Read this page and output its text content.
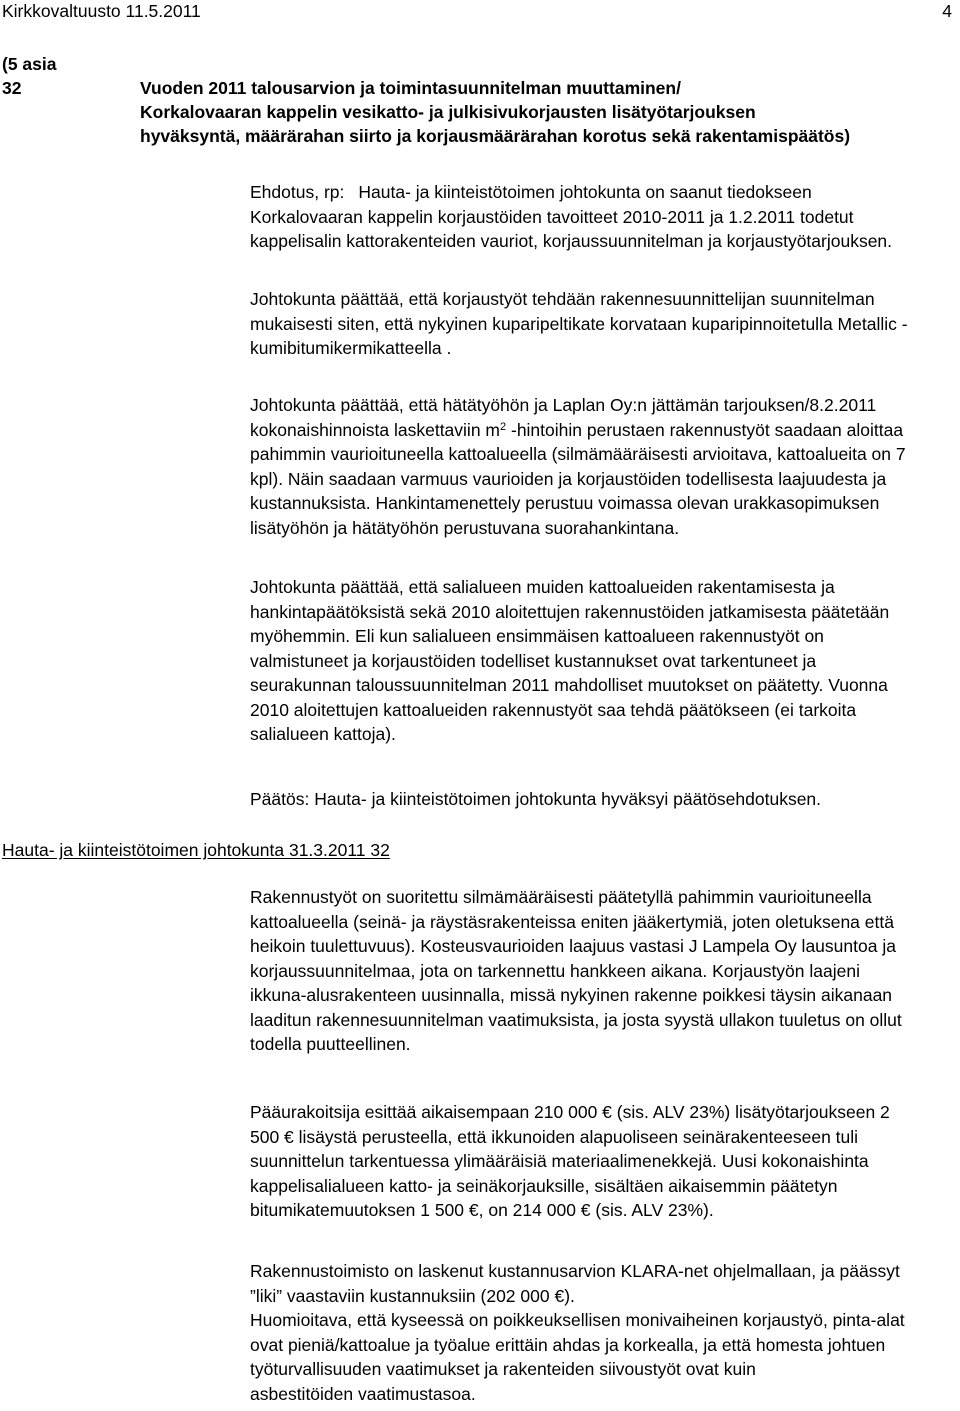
Kirkkovaltuusto 11.5.2011	4
(5 asia
32	Vuoden 2011 talousarvion ja toimintasuunnitelman muuttaminen/
Korkalovaaran kappelin vesikatto- ja julkisivukorjausten lisätyötarjouksen
hyväksyntä, määrärahan siirto ja korjausmäärärahan korotus sekä rakentamispäätös)
Ehdotus, rp: Hauta- ja kiinteistötoimen johtokunta on saanut tiedokseen
Korkalovaaran kappelin korjaustöiden tavoitteet 2010-2011 ja 1.2.2011 todetut
kappelisalin kattorakenteiden vauriot, korjaussuunnitelman ja korjaustyötarjouksen.
Johtokunta päättää, että korjaustyöt tehdään rakennesuunnittelijan suunnitelman
mukaisesti siten, että nykyinen kuparipeltikate korvataan kuparipinnoitetulla Metallic -
kumibitumikermikatteella .
Johtokunta päättää, että hätätyöhön ja Laplan Oy:n jättämän tarjouksen/8.2.2011
kokonaishinnoista laskettaviin $m^2$ -hintoihin perustaen rakennustyöt saadaan aloittaa
pahimmin vaurioituneella kattoalueella (silmämääräisesti arvioitava, kattoalueita on 7
kpl). Näin saadaan varmuus vaurioiden ja korjaustöiden todellisesta laajuudesta ja
kustannuksista. Hankintamenettely perustuu voimassa olevan urakkasopimuksen
lisätyöhön ja hätätyöhön perustuvana suorahankintana.
Johtokunta päättää, että salialueen muiden kattoalueiden rakentamisesta ja
hankintapäätöksistä sekä 2010 aloitettujen rakennustöiden jatkamisesta päätetään
myöhemmin. Eli kun salialueen ensimmäisen kattoalueen rakennustyöt on
valmistuneet ja korjaustöiden todelliset kustannukset ovat tarkentuneet ja
seurakunnan taloussuunnitelman 2011 mahdolliset muutokset on päätetty. Vuonna
2010 aloitettujen kattoalueiden rakennustyöt saa tehdä päätökseen (ei tarkoita
salialueen kattoja).
Päätös: Hauta- ja kiinteistötoimen johtokunta hyväksyi päätösehdotuksen.
Hauta- ja kiinteistötoimen johtokunta 31.3.2011 32
Rakennustyöt on suoritettu silmämääräisesti päätetyllä pahimmin vaurioituneella
kattoalueella (seinä- ja räystäsrakenteissa eniten jääkertymiä, joten oletuksena että
heikoin tuulettuvuus). Kosteusvaurioiden laajuus vastasi J Lampela Oy lausuntoa ja
korjaussuunnitelmaa, jota on tarkennettu hankkeen aikana. Korjaustyön laajeni
ikkuna-alusrakenteen uusinnalla, missä nykyinen rakenne poikkesi täysin aikanaan
laaditun rakennesuunnitelman vaatimuksista, ja josta syystä ullakon tuuletus on ollut
todella puutteellinen.
Pääurakoitsija esittää aikaisempaan 210 000 € (sis. ALV 23%) lisätyötarjoukseen 2
500 € lisäystä perusteella, että ikkunoiden alapuoliseen seinärakenteeseen tuli
suunnittelun tarkentuessa ylimääräisiä materiaalimenekkejä. Uusi kokonaishinta
kappelisalialueen katto- ja seinäkorjauksille, sisältäen aikaisemmin päätetyn
bitumikatemuutoksen 1 500 €, on 214 000 € (sis. ALV 23%).
Rakennustoimisto on laskenut kustannusarvion KLARA-net ohjelmallaan, ja päässyt
”liki” vaastaviin kustannuksiin (202 000 €).
Huomioitava, että kyseessä on poikkeuksellisen monivaiheinen korjaustyö, pinta-alat
ovat pieniä/kattoalue ja työalue erittäin ahdas ja korkealla, ja että homesta johtuen
työturvallisuuden vaatimukset ja rakenteiden siivoustyöt ovat kuin
asbestitöiden vaatimustasoa.
